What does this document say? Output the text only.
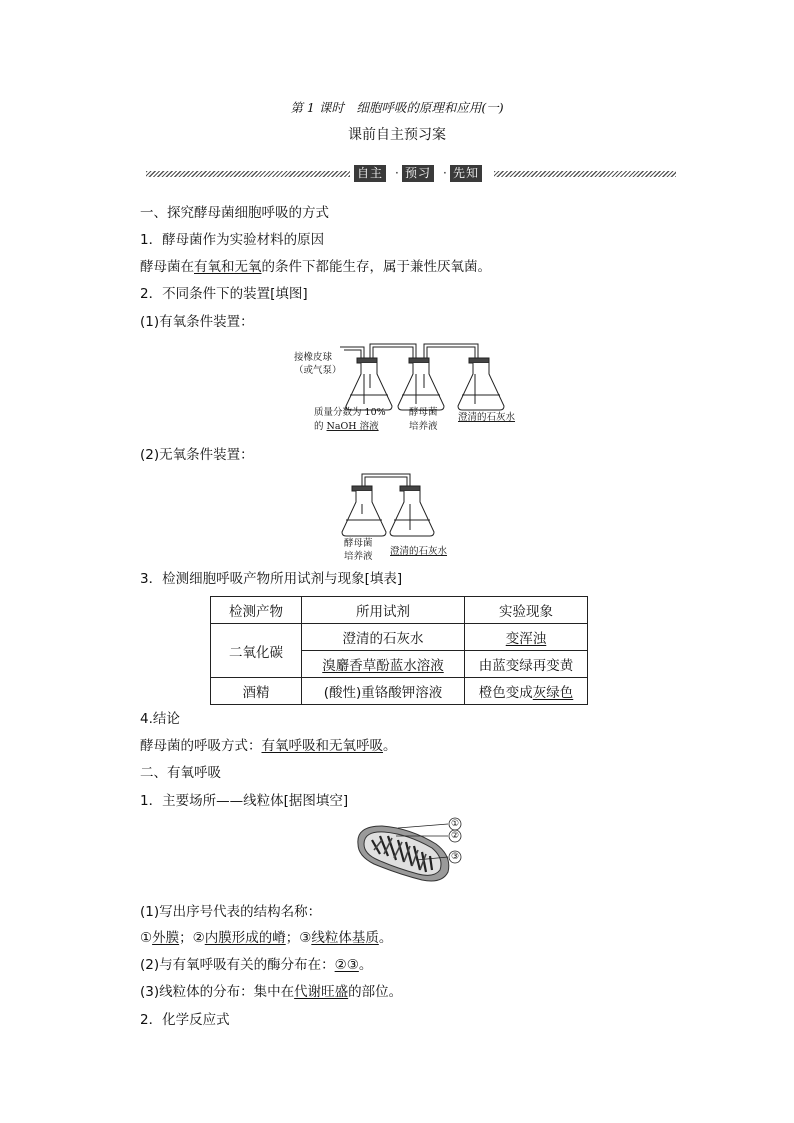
第 1 课时　细胞呼吸的原理和应用(一)
课前自主预习案
自主 · 预习 · 先知
一、探究酵母菌细胞呼吸的方式
1．酵母菌作为实验材料的原因
酵母菌在有氧和无氧的条件下都能生存，属于兼性厌氧菌。
2．不同条件下的装置[填图]
(1)有氧条件装置：
接橡皮球
（或气泵）
质量分数为 10%
的 NaOH 溶液
酵母菌
培养液
澄清的石灰水
(2)无氧条件装置：
酵母菌
培养液 澄清的石灰水
3．检测细胞呼吸产物所用试剂与现象[填表]
检测产物	所用试剂	实验现象
二氧化碳	澄清的石灰水	变浑浊
	溴麝香草酚蓝水溶液	由蓝变绿再变黄
酒精	(酸性)重铬酸钾溶液	橙色变成灰绿色
4.结论
酵母菌的呼吸方式：有氧呼吸和无氧呼吸。
二、有氧呼吸
1．主要场所——线粒体[据图填空]
(1)写出序号代表的结构名称：
①外膜；②内膜形成的嵴；③线粒体基质。
(2)与有氧呼吸有关的酶分布在：②③。
(3)线粒体的分布：集中在代谢旺盛的部位。
2．化学反应式
①
②
③
